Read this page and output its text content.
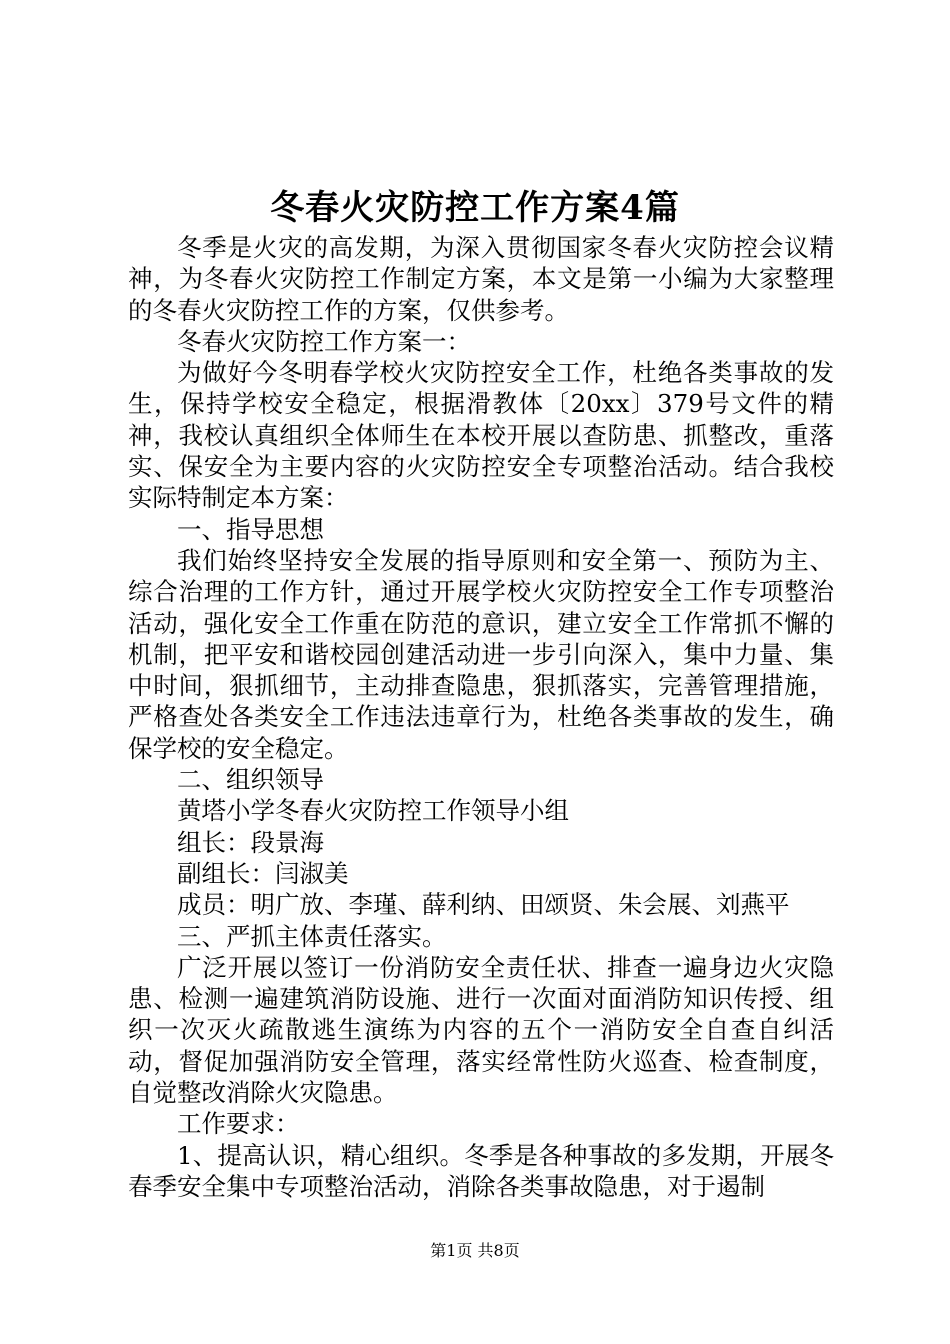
冬春火灾防控工作方案4篇

冬季是火灾的高发期，为深入贯彻国家冬春火灾防控会议精神，为冬春火灾防控工作制定方案，本文是第一小编为大家整理的冬春火灾防控工作的方案，仅供参考。

冬春火灾防控工作方案一：

为做好今冬明春学校火灾防控安全工作，杜绝各类事故的发生，保持学校安全稳定，根据滑教体〔20xx〕379号文件的精神，我校认真组织全体师生在本校开展以查防患、抓整改，重落实、保安全为主要内容的火灾防控安全专项整治活动。结合我校实际特制定本方案：

一、指导思想

我们始终坚持安全发展的指导原则和安全第一、预防为主、综合治理的工作方针，通过开展学校火灾防控安全工作专项整治活动，强化安全工作重在防范的意识，建立安全工作常抓不懈的机制，把平安和谐校园创建活动进一步引向深入，集中力量、集中时间，狠抓细节，主动排查隐患，狠抓落实，完善管理措施，严格查处各类安全工作违法违章行为，杜绝各类事故的发生，确保学校的安全稳定。

二、组织领导

黄塔小学冬春火灾防控工作领导小组

组长：段景海

副组长：闫淑美

成员：明广放、李瑾、薛利纳、田颂贤、朱会展、刘燕平

三、严抓主体责任落实。

广泛开展以签订一份消防安全责任状、排查一遍身边火灾隐患、检测一遍建筑消防设施、进行一次面对面消防知识传授、组织一次灭火疏散逃生演练为内容的五个一消防安全自查自纠活动，督促加强消防安全管理，落实经常性防火巡查、检查制度，自觉整改消除火灾隐患。

工作要求：

1、提高认识，精心组织。冬季是各种事故的多发期，开展冬春季安全集中专项整治活动，消除各类事故隐患，对于遏制

第1页 共8页
